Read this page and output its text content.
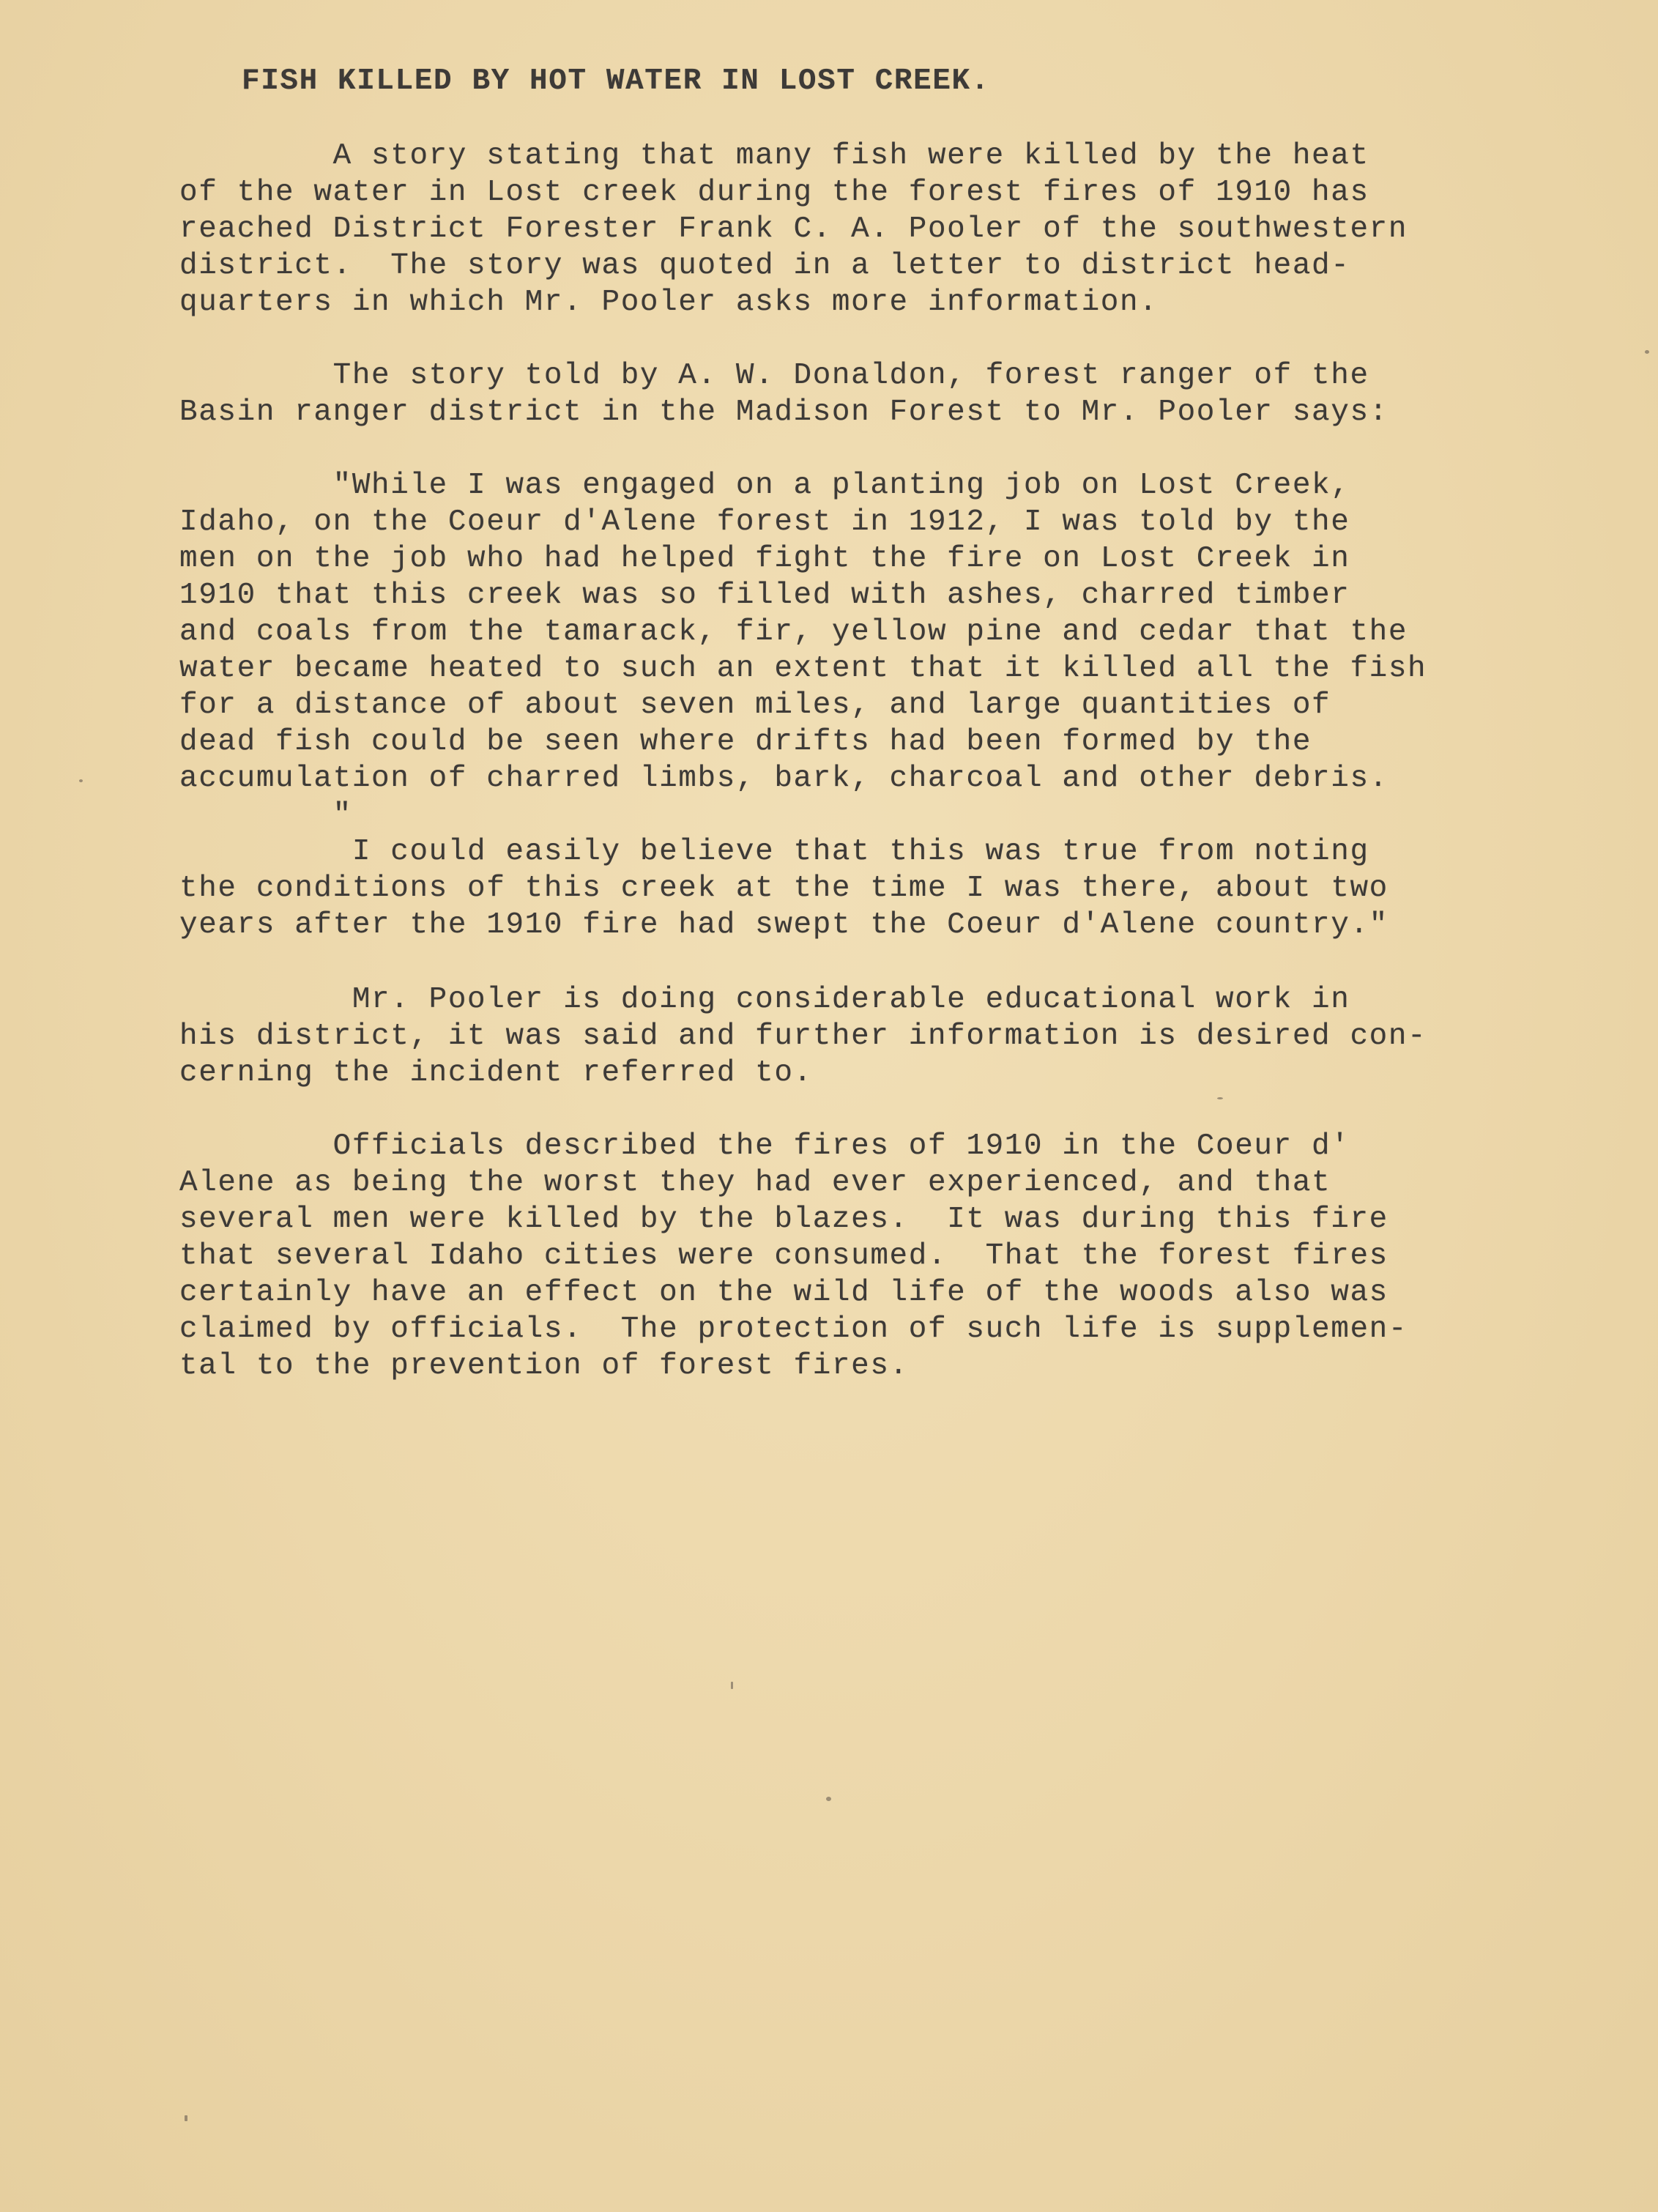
FISH KILLED BY HOT WATER IN LOST CREEK.

A story stating that many fish were killed by the heat
of the water in Lost creek during the forest fires of 1910 has
reached District Forester Frank C. A. Pooler of the southwestern
district.  The story was quoted in a letter to district head-
quarters in which Mr. Pooler asks more information.

The story told by A. W. Donaldon, forest ranger of the
Basin ranger district in the Madison Forest to Mr. Pooler says:

"While I was engaged on a planting job on Lost Creek,
Idaho, on the Coeur d'Alene forest in 1912, I was told by the
men on the job who had helped fight the fire on Lost Creek in
1910 that this creek was so filled with ashes, charred timber
and coals from the tamarack, fir, yellow pine and cedar that the
water became heated to such an extent that it killed all the fish
for a distance of about seven miles, and large quantities of
dead fish could be seen where drifts had been formed by the
accumulation of charred limbs, bark, charcoal and other debris.
"

I could easily believe that this was true from noting
the conditions of this creek at the time I was there, about two
years after the 1910 fire had swept the Coeur d'Alene country."

Mr. Pooler is doing considerable educational work in
his district, it was said and further information is desired con-
cerning the incident referred to.

Officials described the fires of 1910 in the Coeur d'
Alene as being the worst they had ever experienced, and that
several men were killed by the blazes.  It was during this fire
that several Idaho cities were consumed.  That the forest fires
certainly have an effect on the wild life of the woods also was
claimed by officials.  The protection of such life is supplemen-
tal to the prevention of forest fires.
